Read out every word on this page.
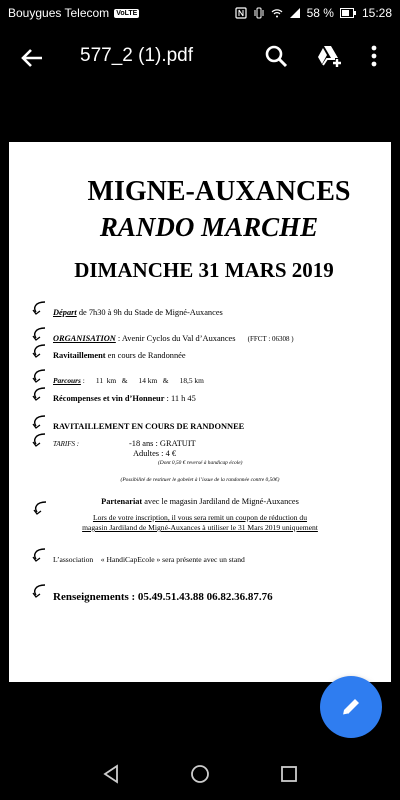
Bouygues Telecom VoLTE	58 % 15:28
577_2 (1).pdf
MIGNE-AUXANCES
RANDO MARCHE
DIMANCHE 31 MARS 2019
Départ de 7h30 à 9h du Stade de Migné-Auxances
ORGANISATION : Avenir Cyclos du Val d’Auxances (FFCT : 06308 )
Ravitaillement en cours de Randonnée
Parcours :      11  km   &      14 km   &      18,5 km
Récompenses et vin d’Honneur : 11 h 45
RAVITAILLEMENT EN COURS DE RANDONNEE
TARIFS :	-18 ans : GRATUIT
Adultes : 4 €
(Dont 0,50 € reversé à handicap école)
(Possibilité de restituer le gobelet à l’issue de la randonnée contre 0,50€)
Partenariat avec le magasin Jardiland de Migné-Auxances
Lors de votre inscription, il vous sera remit un coupon de réduction du
magasin Jardiland de Migné-Auxances à utiliser le 31 Mars 2019 uniquement
L’association    « HandiCapEcole » sera présente avec un stand
Renseignements : 05.49.51.43.88 06.82.36.87.76
